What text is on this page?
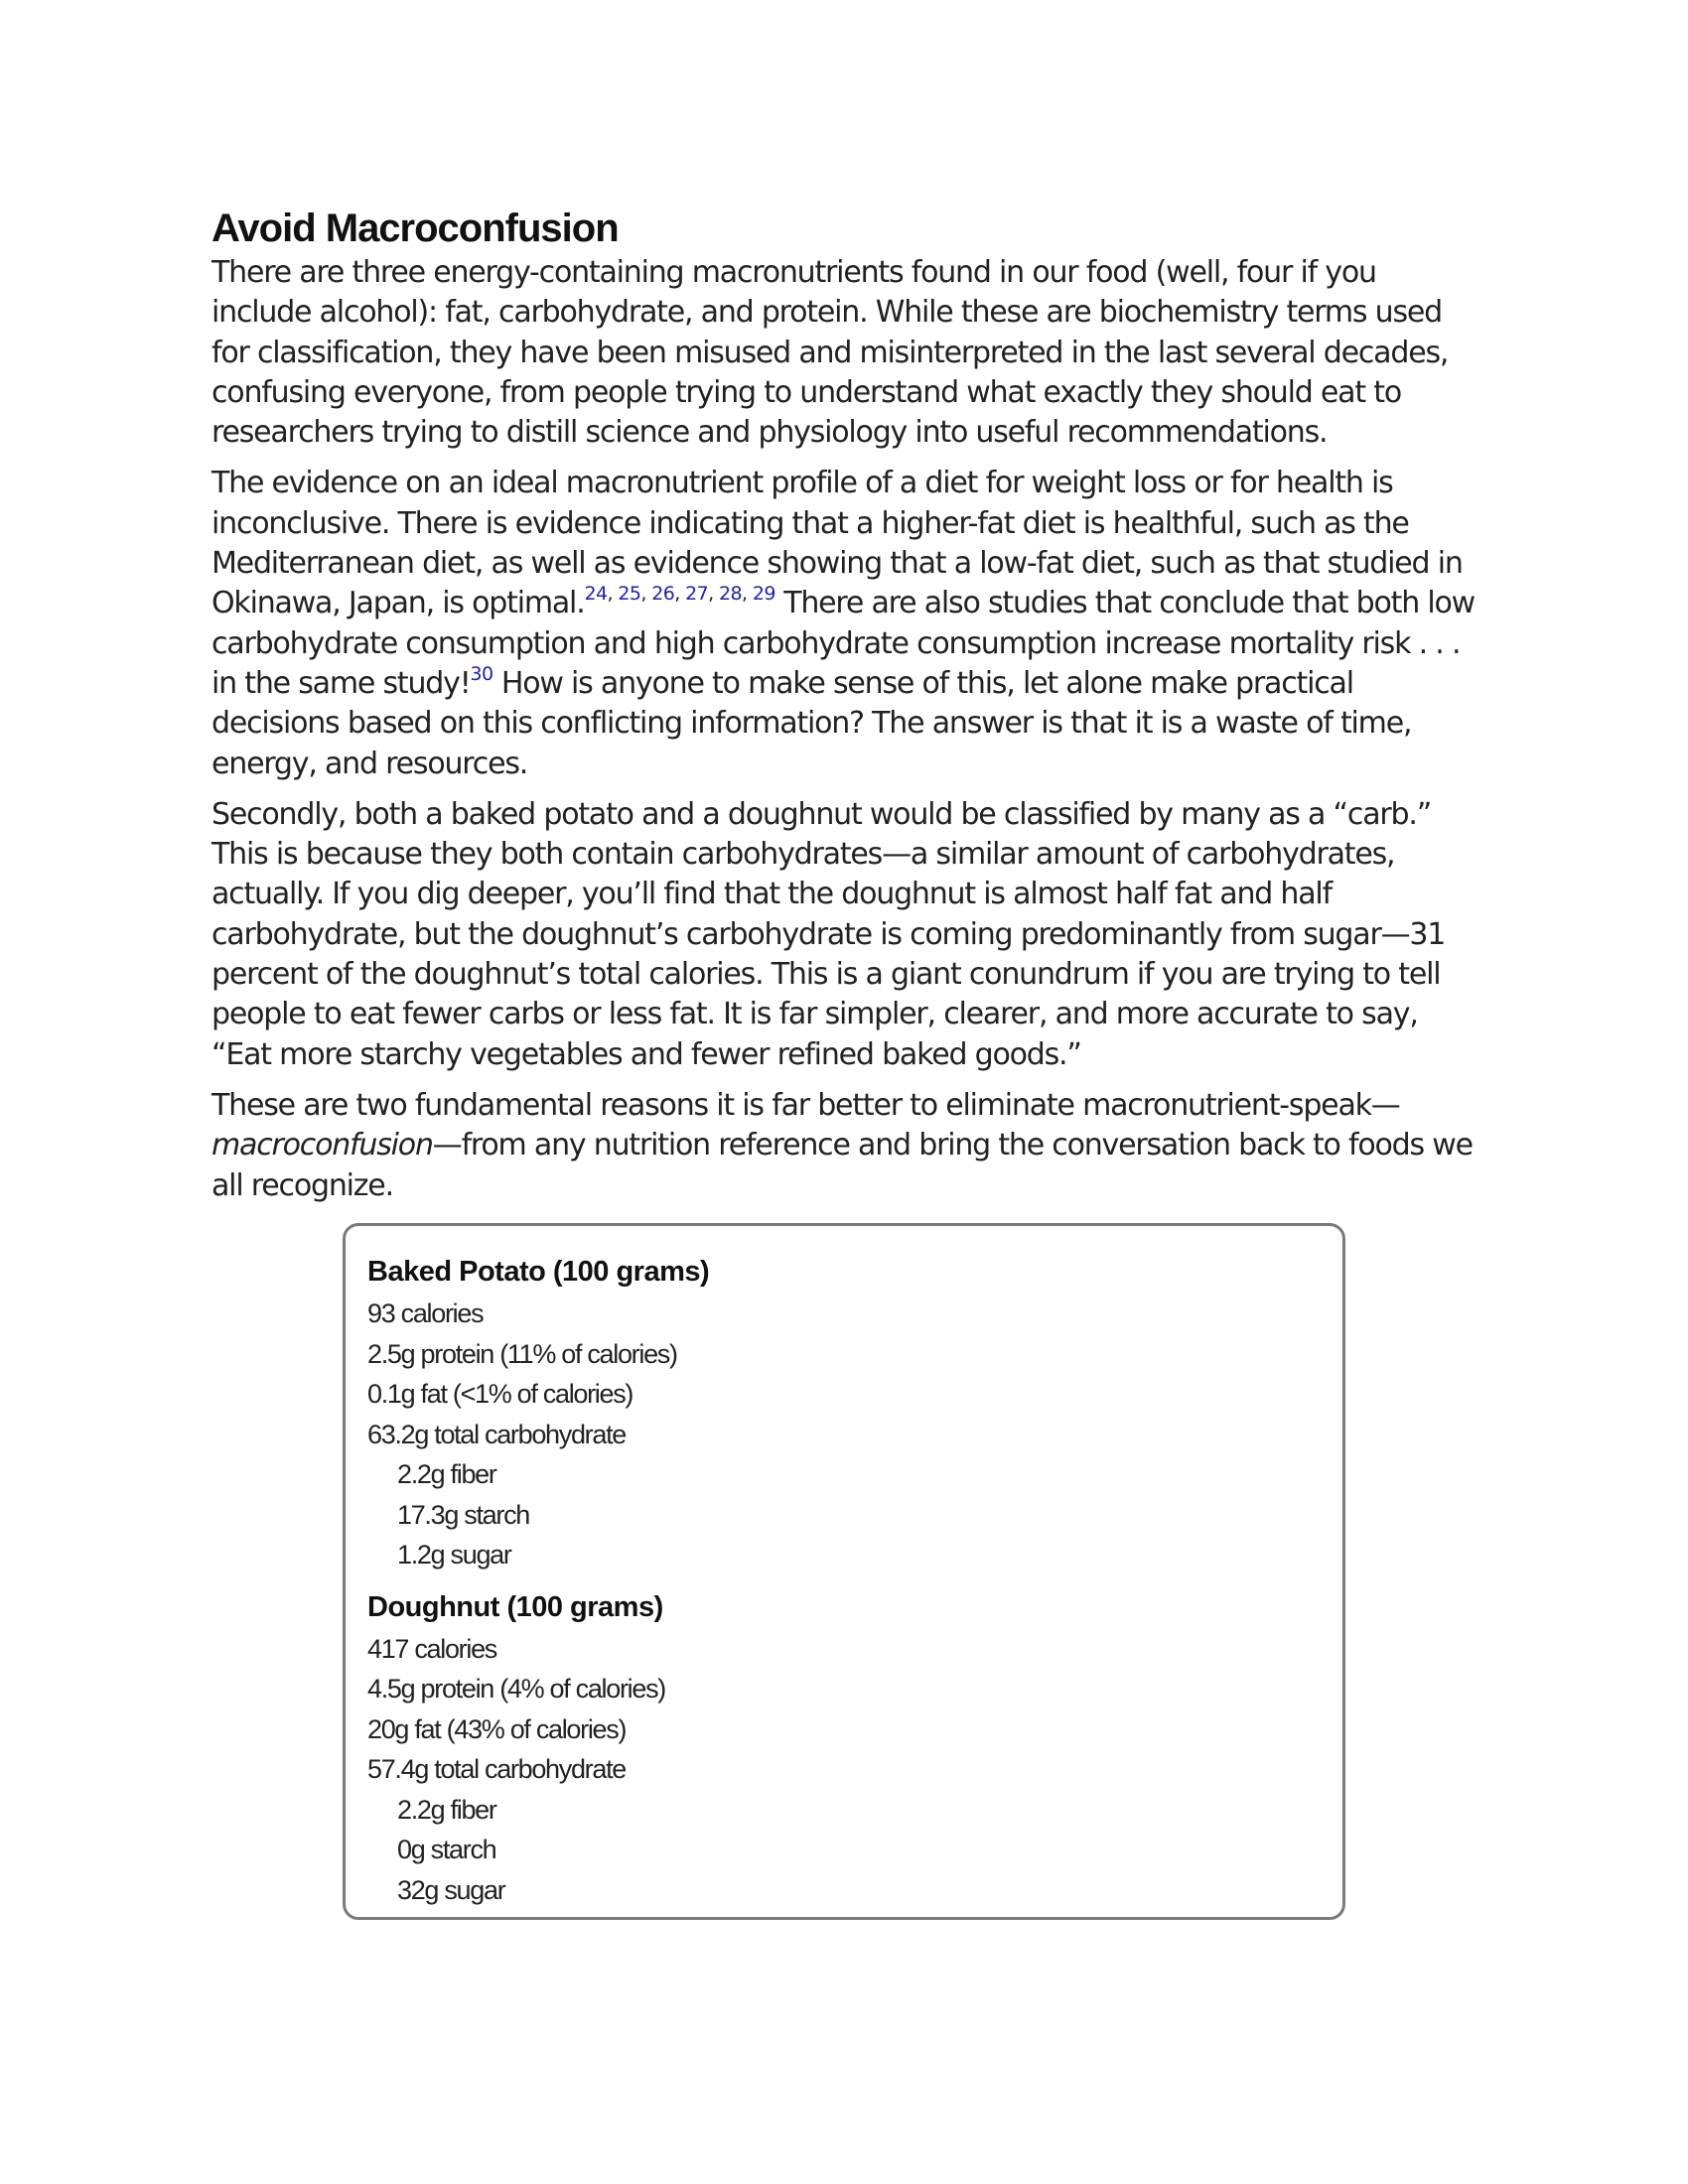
Avoid Macroconfusion

There are three energy-containing macronutrients found in our food (well, four if you include alcohol): fat, carbohydrate, and protein. While these are biochemistry terms used for classification, they have been misused and misinterpreted in the last several decades, confusing everyone, from people trying to understand what exactly they should eat to researchers trying to distill science and physiology into useful recommendations.

The evidence on an ideal macronutrient profile of a diet for weight loss or for health is inconclusive. There is evidence indicating that a higher-fat diet is healthful, such as the Mediterranean diet, as well as evidence showing that a low-fat diet, such as that studied in Okinawa, Japan, is optimal.$^{24, 25, 26, 27, 28, 29}$ There are also studies that conclude that both low carbohydrate consumption and high carbohydrate consumption increase mortality risk . . . in the same study!$^{30}$ How is anyone to make sense of this, let alone make practical decisions based on this conflicting information? The answer is that it is a waste of time, energy, and resources.

Secondly, both a baked potato and a doughnut would be classified by many as a “carb.” This is because they both contain carbohydrates—a similar amount of carbohydrates, actually. If you dig deeper, you’ll find that the doughnut is almost half fat and half carbohydrate, but the doughnut’s carbohydrate is coming predominantly from sugar—31 percent of the doughnut’s total calories. This is a giant conundrum if you are trying to tell people to eat fewer carbs or less fat. It is far simpler, clearer, and more accurate to say, “Eat more starchy vegetables and fewer refined baked goods.”

These are two fundamental reasons it is far better to eliminate macronutrient-speak—macroconfusion—from any nutrition reference and bring the conversation back to foods we all recognize.

Baked Potato (100 grams)
93 calories
2.5g protein (11% of calories)
0.1g fat (<1% of calories)
63.2g total carbohydrate
2.2g fiber
17.3g starch
1.2g sugar
Doughnut (100 grams)
417 calories
4.5g protein (4% of calories)
20g fat (43% of calories)
57.4g total carbohydrate
2.2g fiber
0g starch
32g sugar
